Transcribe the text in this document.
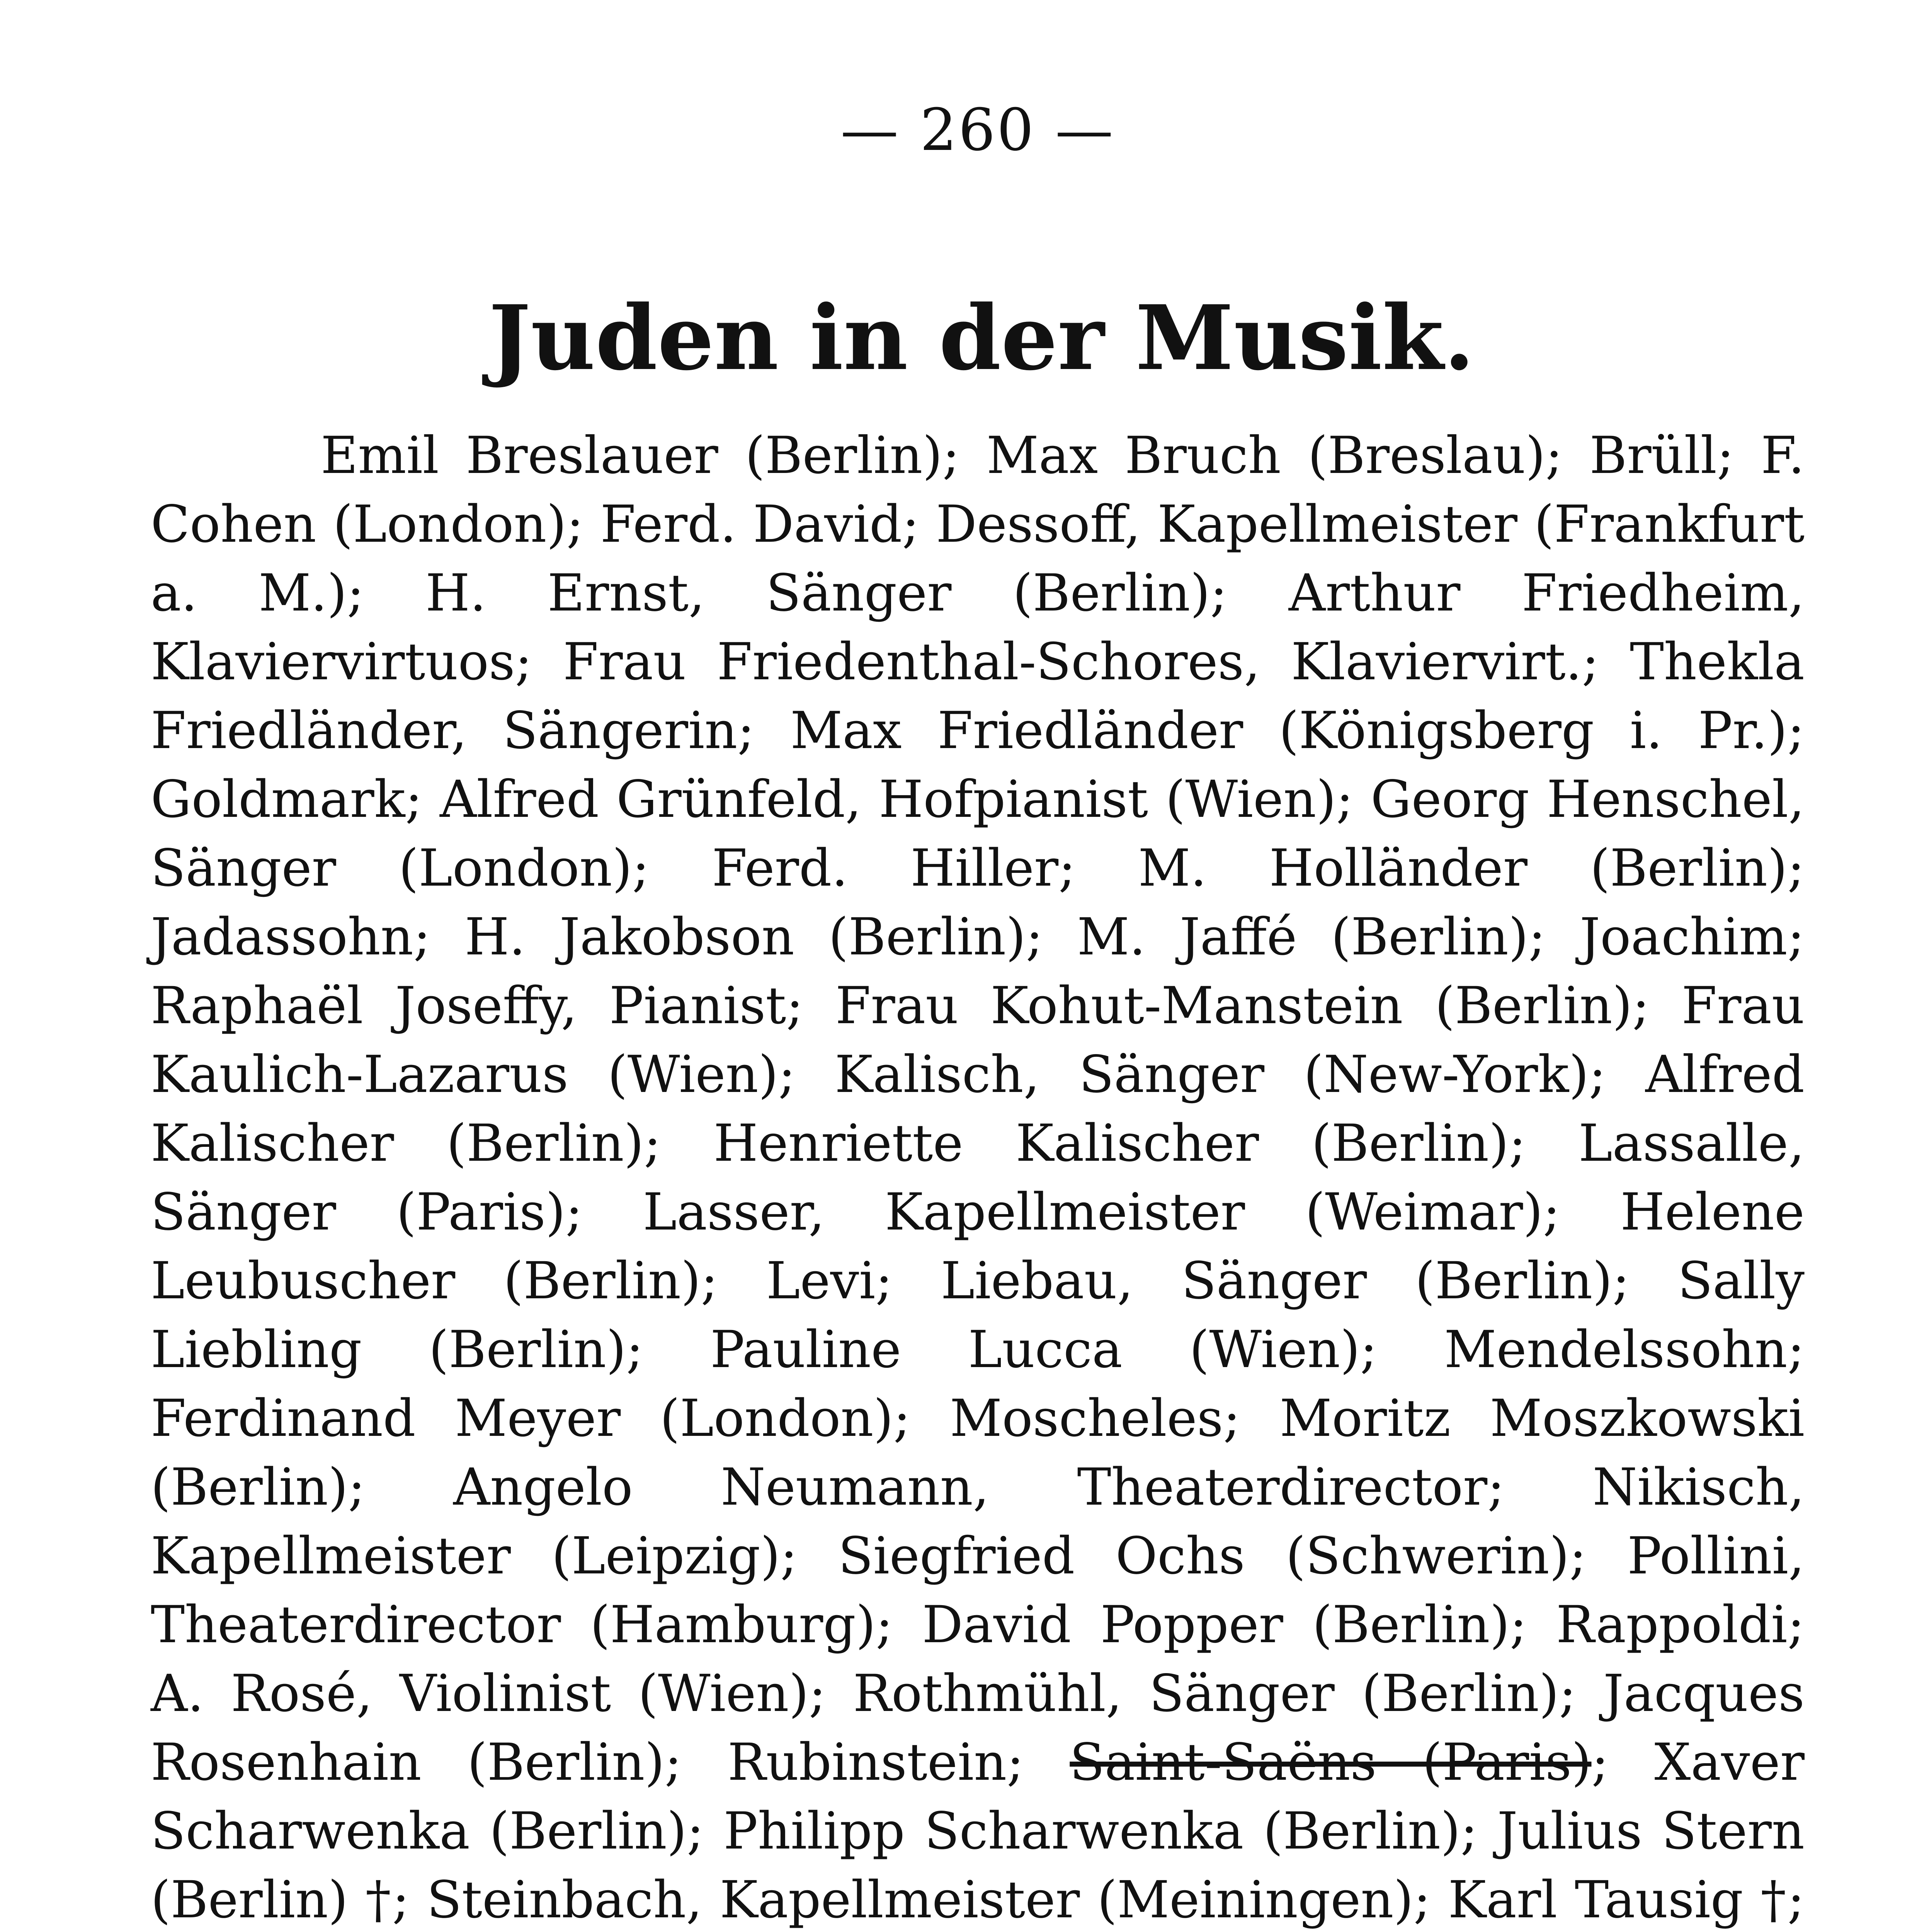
— 260 —
Juden in der Musik.

Emil Breslauer (Berlin); Max Bruch (Breslau); Brüll; F. Cohen (London); Ferd. David; Dessoff, Kapellmeister (Frankfurt a. M.); H. Ernst, Sänger (Berlin); Arthur Friedheim, Klaviervirtuos; Frau Friedenthal-Schores, Klaviervirt.; Thekla Friedländer, Sängerin; Max Friedländer (Königsberg i. Pr.); Goldmark; Alfred Grünfeld, Hofpianist (Wien); Georg Henschel, Sänger (London); Ferd. Hiller; M. Holländer (Berlin); Jadassohn; H. Jakobson (Berlin); M. Jaffé (Berlin); Joachim; Raphaël Joseffy, Pianist; Frau Kohut-Manstein (Berlin); Frau Kaulich-Lazarus (Wien); Kalisch, Sänger (New-York); Alfred Kalischer (Berlin); Henriette Kalischer (Berlin); Lassalle, Sänger (Paris); Lasser, Kapellmeister (Weimar); Helene Leubuscher (Berlin); Levi; Liebau, Sänger (Berlin); Sally Liebling (Berlin); Pauline Lucca (Wien); Mendelssohn; Ferdinand Meyer (London); Moscheles; Moritz Moszkowski (Berlin); Angelo Neumann, Theaterdirector; Nikisch, Kapellmeister (Leipzig); Siegfried Ochs (Schwerin); Pollini, Theaterdirector (Hamburg); David Popper (Berlin); Rappoldi; A. Rosé, Violinist (Wien); Rothmühl, Sänger (Berlin); Jacques Rosenhain (Berlin); Rubinstein; Saint-Saëns (Paris); Xaver Scharwenka (Berlin); Philipp Scharwenka (Berlin); Julius Stern (Berlin) †; Steinbach, Kapellmeister (Meiningen); Karl Tausig †;
